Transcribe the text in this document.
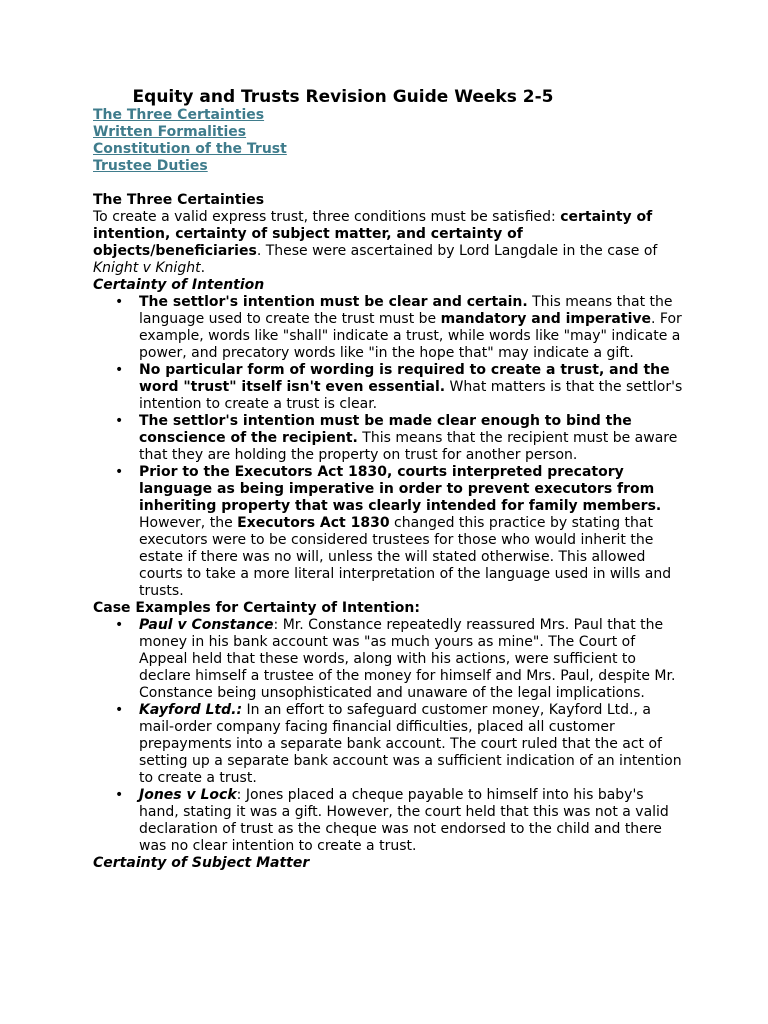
Equity and Trusts Revision Guide Weeks 2-5
The Three Certainties
Written Formalities
Constitution of the Trust
Trustee Duties
The Three Certainties

To create a valid express trust, three conditions must be satisfied: certainty of intention, certainty of subject matter, and certainty of objects/beneficiaries. These were ascertained by Lord Langdale in the case of Knight v Knight.

Certainty of Intention
• The settlor's intention must be clear and certain. This means that the language used to create the trust must be mandatory and imperative. For example, words like "shall" indicate a trust, while words like "may" indicate a power, and precatory words like "in the hope that" may indicate a gift.
• No particular form of wording is required to create a trust, and the word "trust" itself isn't even essential. What matters is that the settlor's intention to create a trust is clear.
• The settlor's intention must be made clear enough to bind the conscience of the recipient. This means that the recipient must be aware that they are holding the property on trust for another person.
• Prior to the Executors Act 1830, courts interpreted precatory language as being imperative in order to prevent executors from inheriting property that was clearly intended for family members. However, the Executors Act 1830 changed this practice by stating that executors were to be considered trustees for those who would inherit the estate if there was no will, unless the will stated otherwise. This allowed courts to take a more literal interpretation of the language used in wills and trusts.
Case Examples for Certainty of Intention:
• Paul v Constance: Mr. Constance repeatedly reassured Mrs. Paul that the money in his bank account was "as much yours as mine". The Court of Appeal held that these words, along with his actions, were sufficient to declare himself a trustee of the money for himself and Mrs. Paul, despite Mr. Constance being unsophisticated and unaware of the legal implications.
• Kayford Ltd.: In an effort to safeguard customer money, Kayford Ltd., a mail-order company facing financial difficulties, placed all customer prepayments into a separate bank account. The court ruled that the act of setting up a separate bank account was a sufficient indication of an intention to create a trust.
• Jones v Lock: Jones placed a cheque payable to himself into his baby's hand, stating it was a gift. However, the court held that this was not a valid declaration of trust as the cheque was not endorsed to the child and there was no clear intention to create a trust.
Certainty of Subject Matter
